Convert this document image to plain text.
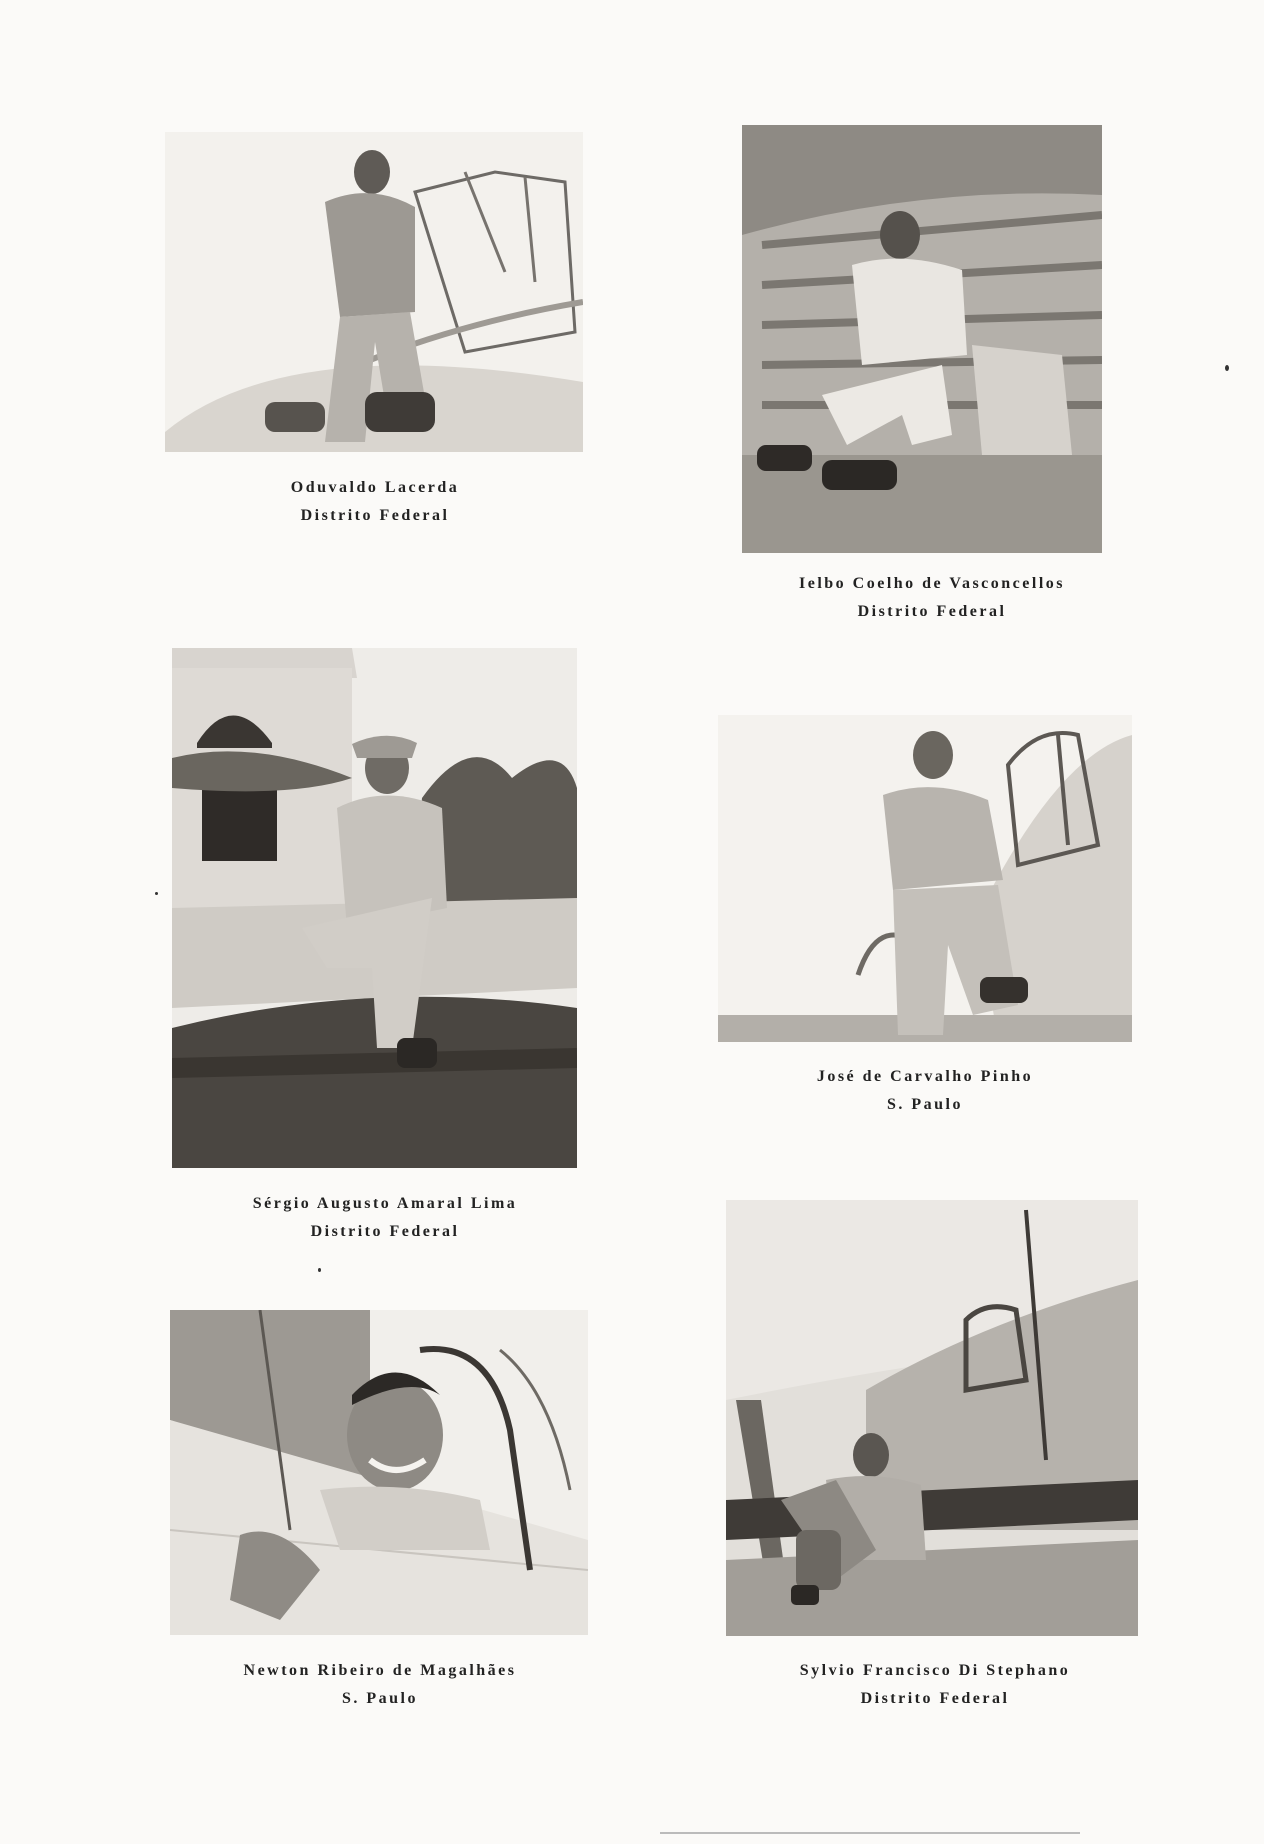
Oduvaldo Lacerda
Distrito Federal
Ielbo Coelho de Vasconcellos
Distrito Federal
Sérgio Augusto Amaral Lima
Distrito Federal
José de Carvalho Pinho
S. Paulo
Newton Ribeiro de Magalhães
S. Paulo
Sylvio Francisco Di Stephano
Distrito Federal
